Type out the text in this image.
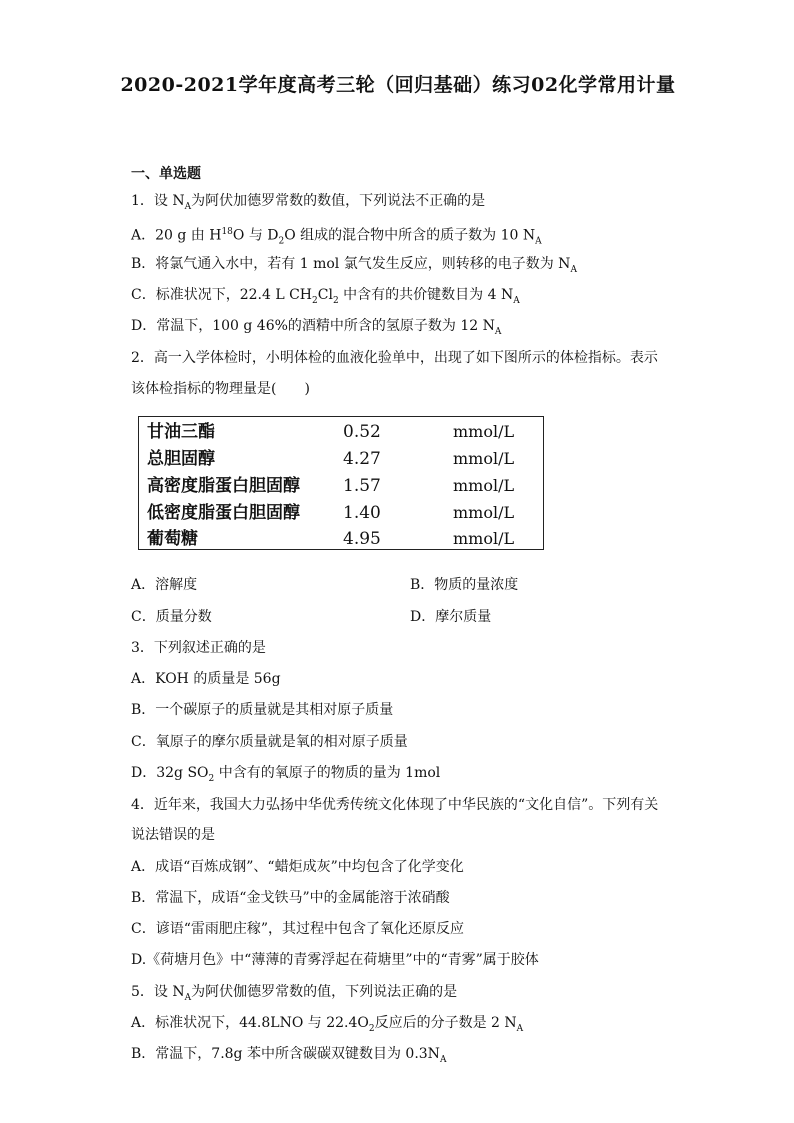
2020-2021学年度高考三轮（回归基础）练习02化学常用计量
一、单选题
1．设 $N_A$为阿伏加德罗常数的数值，下列说法不正确的是
A．20 g 由 $H^{18}O$ 与 $D_2O$ 组成的混合物中所含的质子数为 10 $N_A$
B．将氯气通入水中，若有 1 mol 氯气发生反应，则转移的电子数为 $N_A$
C．标准状况下，22.4 L $CH_2Cl_2$ 中含有的共价键数目为 4 $N_A$
D．常温下，100 g 46%的酒精中所含的氢原子数为 12 $N_A$
2．高一入学体检时，小明体检的血液化验单中，出现了如下图所示的体检指标。表示
该体检指标的物理量是(　　)
甘油三酯	0.52	mmol/L
总胆固醇	4.27	mmol/L
高密度脂蛋白胆固醇	1.57	mmol/L
低密度脂蛋白胆固醇	1.40	mmol/L
葡萄糖	4.95	mmol/L
A．溶解度	B．物质的量浓度
C．质量分数	D．摩尔质量
3．下列叙述正确的是
A．KOH 的质量是 56g
B．一个碳原子的质量就是其相对原子质量
C．氧原子的摩尔质量就是氧的相对原子质量
D．32g $SO_2$ 中含有的氧原子的物质的量为 1mol
4．近年来，我国大力弘扬中华优秀传统文化体现了中华民族的“文化自信”。下列有关
说法错误的是
A．成语“百炼成钢”、“蜡炬成灰”中均包含了化学变化
B．常温下，成语“金戈铁马”中的金属能溶于浓硝酸
C．谚语“雷雨肥庄稼”，其过程中包含了氧化还原反应
D.《荷塘月色》中“薄薄的青雾浮起在荷塘里”中的“青雾”属于胶体
5．设 $N_A$为阿伏伽德罗常数的值，下列说法正确的是
A．标准状况下，44.8LNO 与 $22.4O_2$反应后的分子数是 2 $N_A$
B．常温下，7.8g 苯中所含碳碳双键数目为 $0.3N_A$
